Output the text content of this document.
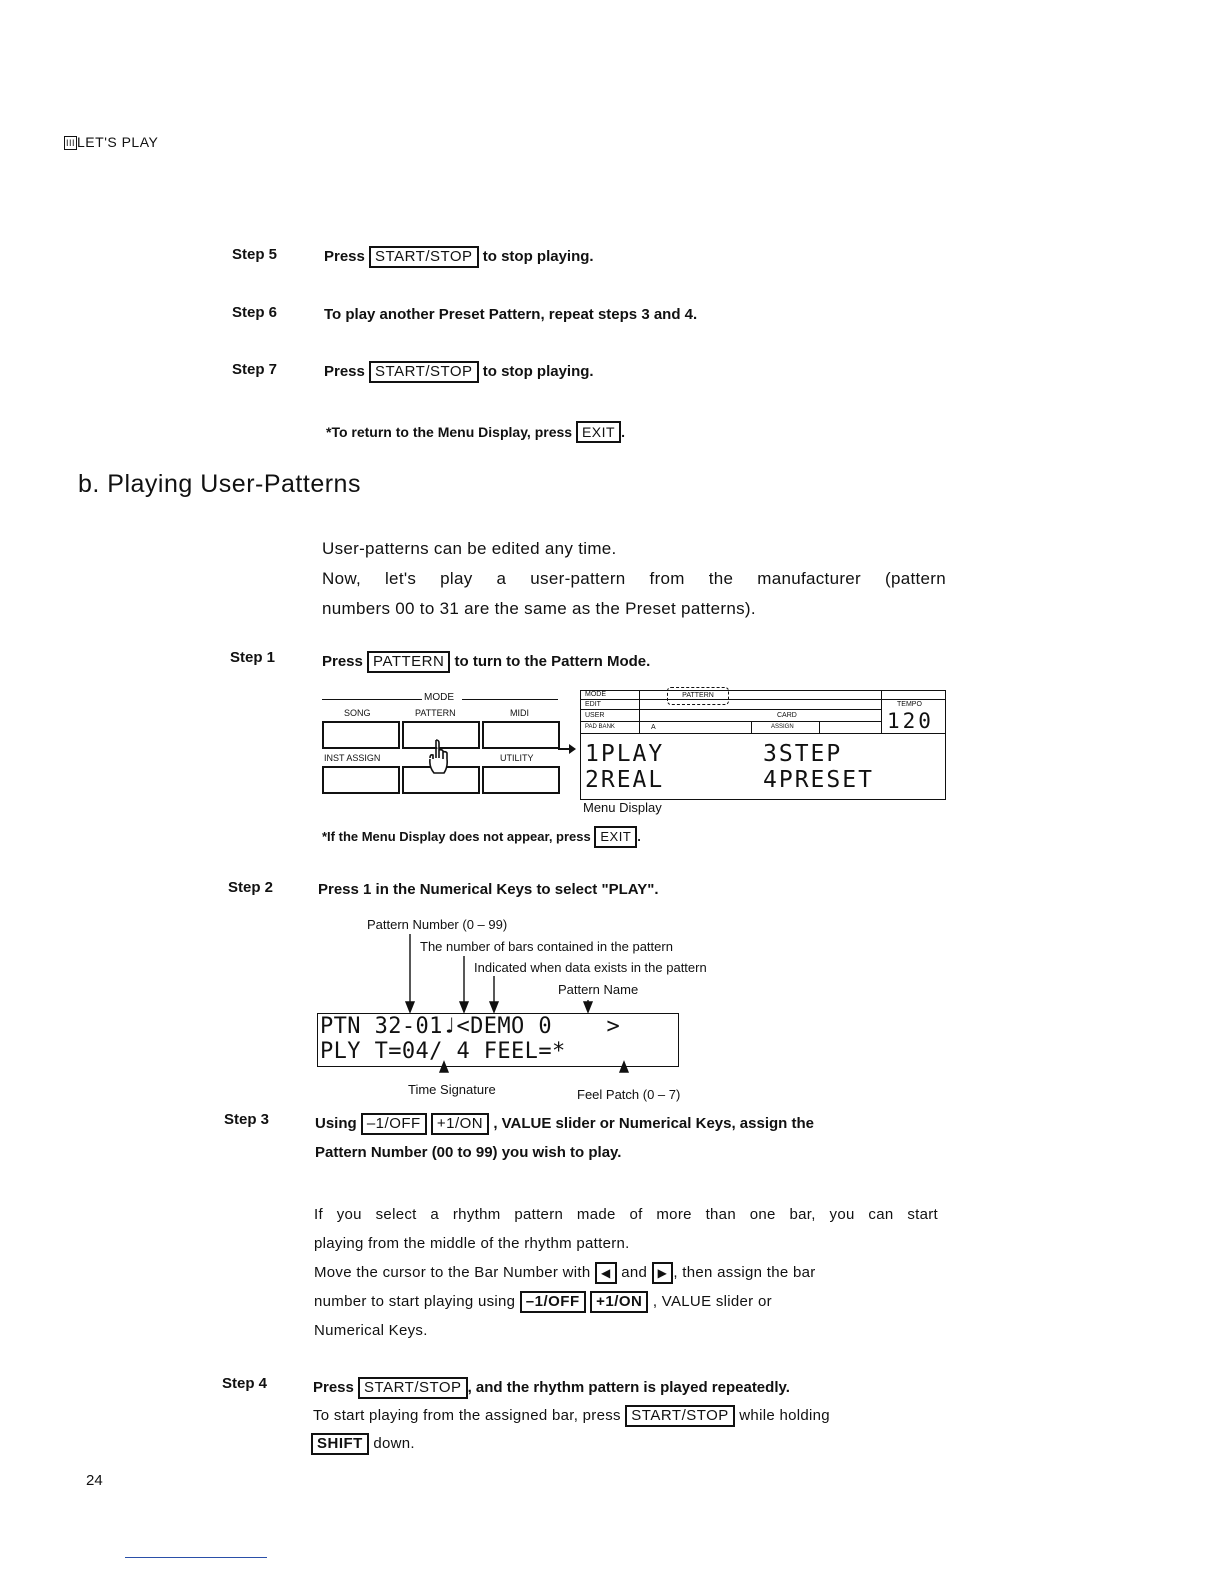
III LET'S PLAY
Step 5	Press START/STOP to stop playing.
Step 6	To play another Preset Pattern, repeat steps 3 and 4.
Step 7	Press START/STOP to stop playing.
*To return to the Menu Display, press EXIT .
b. Playing User-Patterns
User-patterns can be edited any time.
Now, let's play a user-pattern from the manufacturer (pattern
numbers 00 to 31 are the same as the Preset patterns).
Step 1	Press PATTERN to turn to the Pattern Mode.
MODE
SONG	PATTERN	MIDI
INST ASSIGN	UTILITY
MODE	PATTERN
TEMPO
EDIT
USER	CARD
PAD BANK	A	ASSIGN	120
1PLAY	3STEP
2REAL	4PRESET
Menu Display
*If the Menu Display does not appear, press EXIT .
Step 2	Press 1 in the Numerical Keys to select "PLAY".
Pattern Number (0 – 99)
The number of bars contained in the pattern
Indicated when data exists in the pattern
Pattern Name
PTN 32-01♩<DEMO 0    >
PLY T=04/ 4 FEEL=*
Time Signature	Feel Patch (0 – 7)
Step 3	Using –1/OFF +1/ON , VALUE slider or Numerical Keys, assign the
Pattern Number (00 to 99) you wish to play.
If you select a rhythm pattern made of more than one bar, you can start
playing from the middle of the rhythm pattern.
Move the cursor to the Bar Number with ◀ and ▶ , then assign the bar
number to start playing using –1/OFF +1/ON , VALUE slider or
Numerical Keys.
Step 4	Press START/STOP , and the rhythm pattern is played repeatedly.
To start playing from the assigned bar, press START/STOP while holding
SHIFT down.
24
